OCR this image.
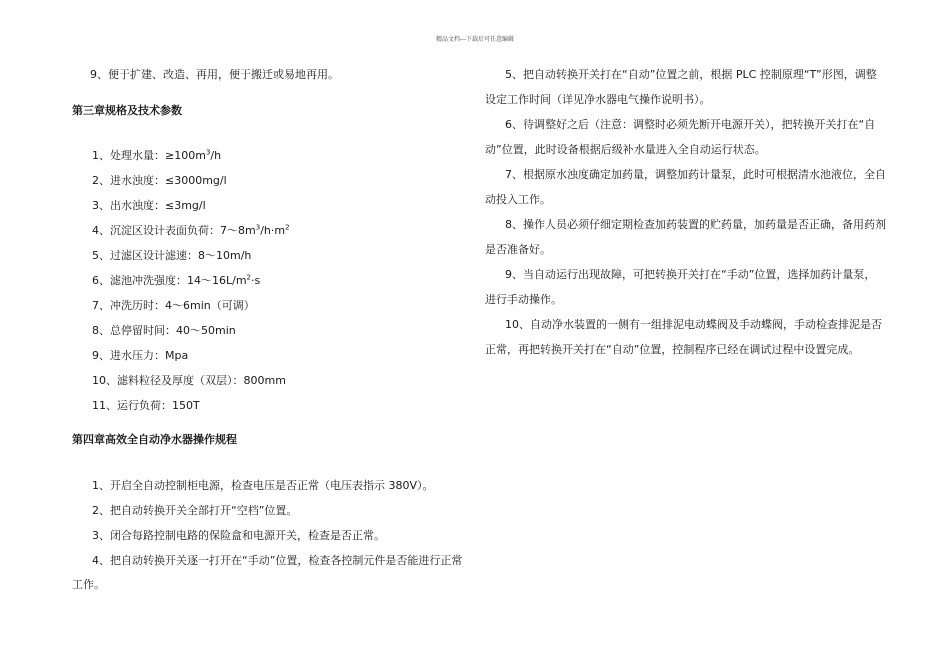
精品文档---下载后可任意编辑
9、便于扩建、改造、再用，便于搬迁或易地再用。
第三章规格及技术参数
1、处理水量：$\ge 100m^3/h$
2、进水浊度：≤3000mg/l
3、出水浊度：≤3mg/l
4、沉淀区设计表面负荷：$7\sim 8m^3/h\cdot m^2$
5、过滤区设计滤速：8～10m/h
6、滤池冲洗强度：$14\sim 16L/m^2\cdot s$
7、冲洗历时：4～6min（可调）
8、总停留时间：40～50min
9、进水压力：Mpa
10、滤料粒径及厚度（双层）：800mm
11、运行负荷：150T
第四章高效全自动净水器操作规程
1、开启全自动控制柜电源，检查电压是否正常（电压表指示 380V）。
2、把自动转换开关全部打开“空档”位置。
3、闭合每路控制电路的保险盒和电源开关，检查是否正常。
4、把自动转换开关逐一打开在“手动”位置，检查各控制元件是否能进行正常
工作。
5、把自动转换开关打在“自动”位置之前，根据 PLC 控制原理“T”形图，调整
设定工作时间（详见净水器电气操作说明书）。
6、待调整好之后（注意：调整时必须先断开电源开关），把转换开关打在“自
动”位置，此时设备根据后级补水量进入全自动运行状态。
7、根据原水浊度确定加药量，调整加药计量泵，此时可根据清水池液位，全自
动投入工作。
8、操作人员必须仔细定期检查加药装置的贮药量，加药量是否正确，备用药剂
是否准备好。
9、当自动运行出现故障，可把转换开关打在“手动”位置，选择加药计量泵，
进行手动操作。
10、自动净水装置的一侧有一组排泥电动蝶阀及手动蝶阀，手动检查排泥是否
正常，再把转换开关打在“自动”位置，控制程序已经在调试过程中设置完成。
